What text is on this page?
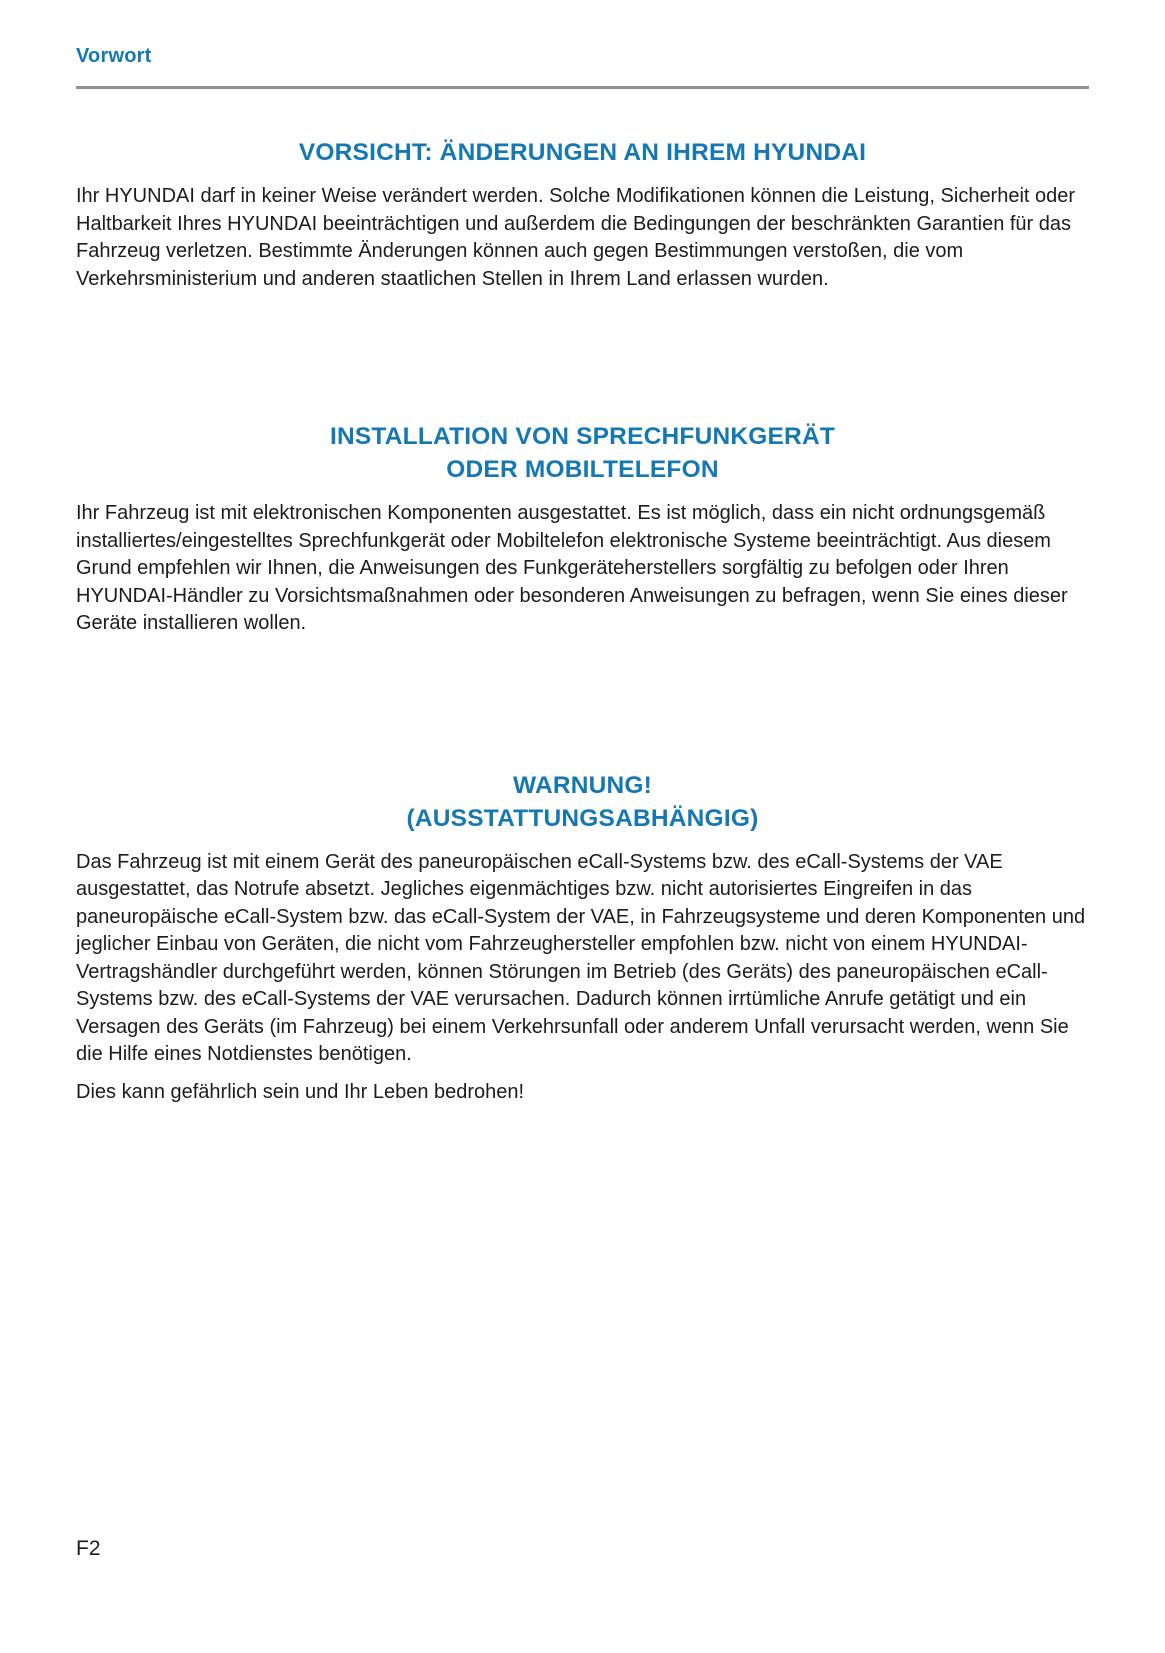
Vorwort
VORSICHT: ÄNDERUNGEN AN IHREM HYUNDAI

Ihr HYUNDAI darf in keiner Weise verändert werden. Solche Modifikationen können die Leistung, Sicherheit oder Haltbarkeit Ihres HYUNDAI beeinträchtigen und außerdem die Bedingungen der beschränkten Garantien für das Fahrzeug verletzen. Bestimmte Änderungen können auch gegen Bestimmungen verstoßen, die vom Verkehrsministerium und anderen staatlichen Stellen in Ihrem Land erlassen wurden.

INSTALLATION VON SPRECHFUNKGERÄT
ODER MOBILTELEFON

Ihr Fahrzeug ist mit elektronischen Komponenten ausgestattet. Es ist möglich, dass ein nicht ordnungsgemäß installiertes/eingestelltes Sprechfunkgerät oder Mobiltelefon elektronische Systeme beeinträchtigt. Aus diesem Grund empfehlen wir Ihnen, die Anweisungen des Funkgeräteherstellers sorgfältig zu befolgen oder Ihren HYUNDAI-Händler zu Vorsichtsmaßnahmen oder besonderen Anweisungen zu befragen, wenn Sie eines dieser Geräte installieren wollen.

WARNUNG!
(AUSSTATTUNGSABHÄNGIG)

Das Fahrzeug ist mit einem Gerät des paneuropäischen eCall-Systems bzw. des eCall-Systems der VAE ausgestattet, das Notrufe absetzt. Jegliches eigenmächtiges bzw. nicht autorisiertes Eingreifen in das paneuropäische eCall-System bzw. das eCall-System der VAE, in Fahrzeugsysteme und deren Komponenten und jeglicher Einbau von Geräten, die nicht vom Fahrzeughersteller empfohlen bzw. nicht von einem HYUNDAI-Vertragshändler durchgeführt werden, können Störungen im Betrieb (des Geräts) des paneuropäischen eCall-Systems bzw. des eCall-Systems der VAE verursachen. Dadurch können irrtümliche Anrufe getätigt und ein Versagen des Geräts (im Fahrzeug) bei einem Verkehrsunfall oder anderem Unfall verursacht werden, wenn Sie die Hilfe eines Notdienstes benötigen.

Dies kann gefährlich sein und Ihr Leben bedrohen!

F2
